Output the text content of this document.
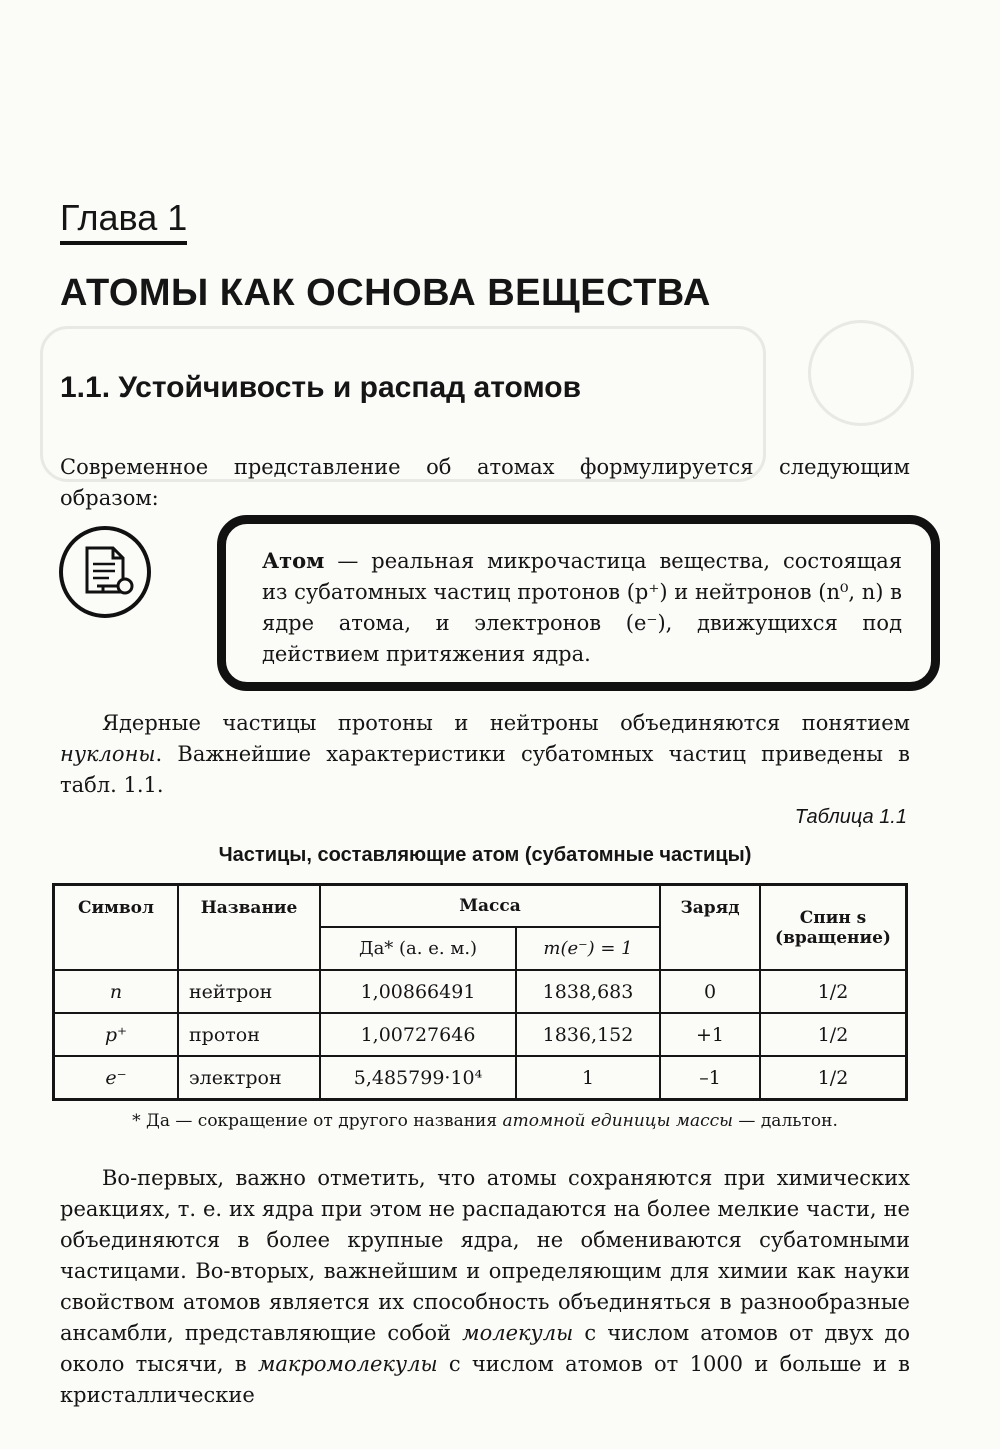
Глава 1
АТОМЫ КАК ОСНОВА ВЕЩЕСТВА
1.1. Устойчивость и распад атомов
Современное представление об атомах формулируется следующим образом:
Атом — реальная микрочастица вещества, состоящая из субатомных частиц протонов (p⁺) и нейтронов (n⁰, n) в ядре атома, и электронов (e⁻), движущихся под действием притяжения ядра.
Ядерные частицы протоны и нейтроны объединяются понятием нуклоны. Важнейшие характеристики субатомных частиц приведены в табл. 1.1.
Таблица 1.1
Частицы, составляющие атом (субатомные частицы)
Символ	Название	Масса		Заряд	Спин s (вращение)
		Да* (а. е. м.)	m(e⁻) = 1		
n	нейтрон	1,00866491	1838,683	0	1/2
p⁺	протон	1,00727646	1836,152	+1	1/2
e⁻	электрон	5,485799·10⁴	1	–1	1/2
* Да — сокращение от другого названия атомной единицы массы — дальтон.
Во-первых, важно отметить, что атомы сохраняются при химических реакциях, т. е. их ядра при этом не распадаются на более мелкие части, не объединяются в более крупные ядра, не обмениваются субатомными частицами. Во-вторых, важнейшим и определяющим для химии как науки свойством атомов является их способность объединяться в разнообразные ансамбли, представляющие собой молекулы с числом атомов от двух до около тысячи, в макромолекулы с числом атомов от 1000 и больше и в кристаллические
